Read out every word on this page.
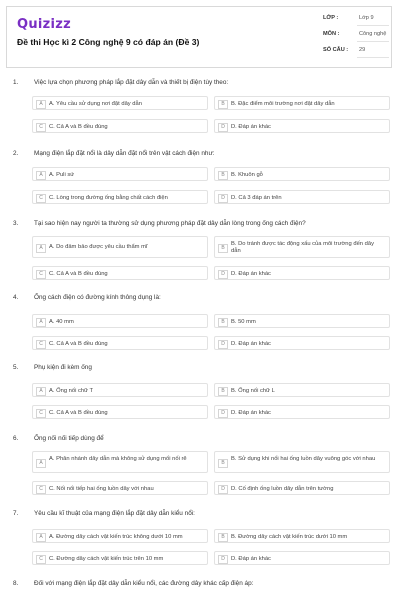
Quizizz
Đề thi Học kì 2 Công nghệ 9 có đáp án (Đề 3)
LỚP :	Lớp 9
MÔN :	Công nghệ
SỐ CÂU : 29
1. Việc lựa chọn phương pháp lắp đặt dây dẫn và thiết bị điện tùy theo:
A	A. Yêu cầu sử dụng nơi đặt dây dẫn	B	B. Đặc điểm môi trường nơi đặt dây dẫn
C	C. Cả A và B đều đúng	D	D. Đáp án khác
2. Mạng điện lắp đặt nổi là dây dẫn đặt nổi trên vật cách điện như:
A	A. Puli sứ	B	B. Khuôn gỗ
C	C. Lòng trong đường ống bằng chất cách điện	D	D. Cả 3 đáp án trên
3. Tại sao hiện nay người ta thường sử dụng phương pháp đặt dây dẫn lòng trong ống cách điện?
A	A. Do đảm bảo được yêu cầu thẩm mĩ	B
B. Do tránh được tác động xấu của môi trường đến dây dẫn
C	C. Cả A và B đều đúng	D	D. Đáp án khác
4. Ống cách điện có đường kính thông dụng là:
A	A. 40 mm	B	B. 50 mm
C	C. Cả A và B đều đúng	D	D. Đáp án khác
5. Phụ kiện đi kèm ống
A	A. Ống nối chữ T	B	B. Ống nối chữ L
C	C. Cả A và B đều đúng	D	D. Đáp án khác
6. Ống nối nối tiếp dùng để
A
A. Phân nhánh dây dẫn mà không sử dụng mối nối rẽ
B
B. Sử dụng khi nối hai ống luồn dây vuông góc với nhau
C	C. Nối nối tiếp hai ống luồn dây với nhau	D	D. Cố định ống luồn dây dẫn trên tường
7. Yêu cầu kĩ thuật của mạng điện lắp đặt dây dẫn kiểu nổi:
A	A. Đường dây cách vật kiến trúc không dưới 10 mm	B	B. Đường dây cách vật kiến trúc dưới 10 mm
C	C. Đường dây cách vật kiến trúc trên 10 mm	D	D. Đáp án khác
8. Đối với mạng điện lắp đặt dây dẫn kiểu nổi, các đường dây khác cấp điện áp:
